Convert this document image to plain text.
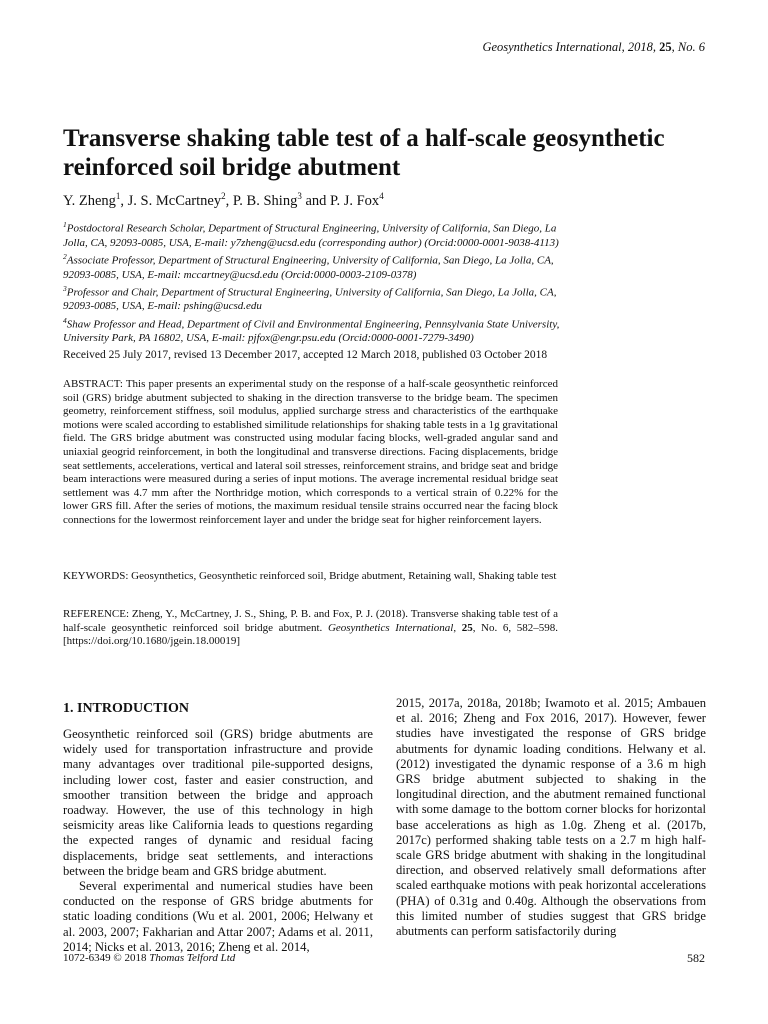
Geosynthetics International, 2018, 25, No. 6
Transverse shaking table test of a half-scale geosynthetic reinforced soil bridge abutment
Y. Zheng$^1$, J. S. McCartney$^2$, P. B. Shing$^3$ and P. J. Fox$^4$

$^1$Postdoctoral Research Scholar, Department of Structural Engineering, University of California, San Diego, La Jolla, CA, 92093-0085, USA, E-mail: y7zheng@ucsd.edu (corresponding author) (Orcid:0000-0001-9038-4113)

$^2$Associate Professor, Department of Structural Engineering, University of California, San Diego, La Jolla, CA, 92093-0085, USA, E-mail: mccartney@ucsd.edu (Orcid:0000-0003-2109-0378)

$^3$Professor and Chair, Department of Structural Engineering, University of California, San Diego, La Jolla, CA, 92093-0085, USA, E-mail: pshing@ucsd.edu

$^4$Shaw Professor and Head, Department of Civil and Environmental Engineering, Pennsylvania State University, University Park, PA 16802, USA, E-mail: pjfox@engr.psu.edu (Orcid:0000-0001-7279-3490)

Received 25 July 2017, revised 13 December 2017, accepted 12 March 2018, published 03 October 2018

ABSTRACT: This paper presents an experimental study on the response of a half-scale geosynthetic reinforced soil (GRS) bridge abutment subjected to shaking in the direction transverse to the bridge beam. The specimen geometry, reinforcement stiffness, soil modulus, applied surcharge stress and characteristics of the earthquake motions were scaled according to established similitude relationships for shaking table tests in a 1g gravitational field. The GRS bridge abutment was constructed using modular facing blocks, well-graded angular sand and uniaxial geogrid reinforcement, in both the longitudinal and transverse directions. Facing displacements, bridge seat settlements, accelerations, vertical and lateral soil stresses, reinforcement strains, and bridge seat and bridge beam interactions were measured during a series of input motions. The average incremental residual bridge seat settlement was 4.7 mm after the Northridge motion, which corresponds to a vertical strain of 0.22% for the lower GRS fill. After the series of motions, the maximum residual tensile strains occurred near the facing block connections for the lowermost reinforcement layer and under the bridge seat for higher reinforcement layers.

KEYWORDS: Geosynthetics, Geosynthetic reinforced soil, Bridge abutment, Retaining wall, Shaking table test

REFERENCE: Zheng, Y., McCartney, J. S., Shing, P. B. and Fox, P. J. (2018). Transverse shaking table test of a half-scale geosynthetic reinforced soil bridge abutment. Geosynthetics International, 25, No. 6, 582–598. [https://doi.org/10.1680/jgein.18.00019]

1. INTRODUCTION

Geosynthetic reinforced soil (GRS) bridge abutments are widely used for transportation infrastructure and provide many advantages over traditional pile-supported designs, including lower cost, faster and easier construction, and smoother transition between the bridge and approach roadway. However, the use of this technology in high seismicity areas like California leads to questions regarding the expected ranges of dynamic and residual facing displacements, bridge seat settlements, and interactions between the bridge beam and GRS bridge abutment.

Several experimental and numerical studies have been conducted on the response of GRS bridge abutments for static loading conditions (Wu et al. 2001, 2006; Helwany et al. 2003, 2007; Fakharian and Attar 2007; Adams et al. 2011, 2014; Nicks et al. 2013, 2016; Zheng et al. 2014,

2015, 2017a, 2018a, 2018b; Iwamoto et al. 2015; Ambauen et al. 2016; Zheng and Fox 2016, 2017). However, fewer studies have investigated the response of GRS bridge abutments for dynamic loading conditions. Helwany et al. (2012) investigated the dynamic response of a 3.6 m high GRS bridge abutment subjected to shaking in the longitudinal direction, and the abutment remained functional with some damage to the bottom corner blocks for horizontal base accelerations as high as 1.0g. Zheng et al. (2017b, 2017c) performed shaking table tests on a 2.7 m high half-scale GRS bridge abutment with shaking in the longitudinal direction, and observed relatively small deformations after scaled earthquake motions with peak horizontal accelerations (PHA) of 0.31g and 0.40g. Although the observations from this limited number of studies suggest that GRS bridge abutments can perform satisfactorily during

1072-6349 © 2018 Thomas Telford Ltd	582
